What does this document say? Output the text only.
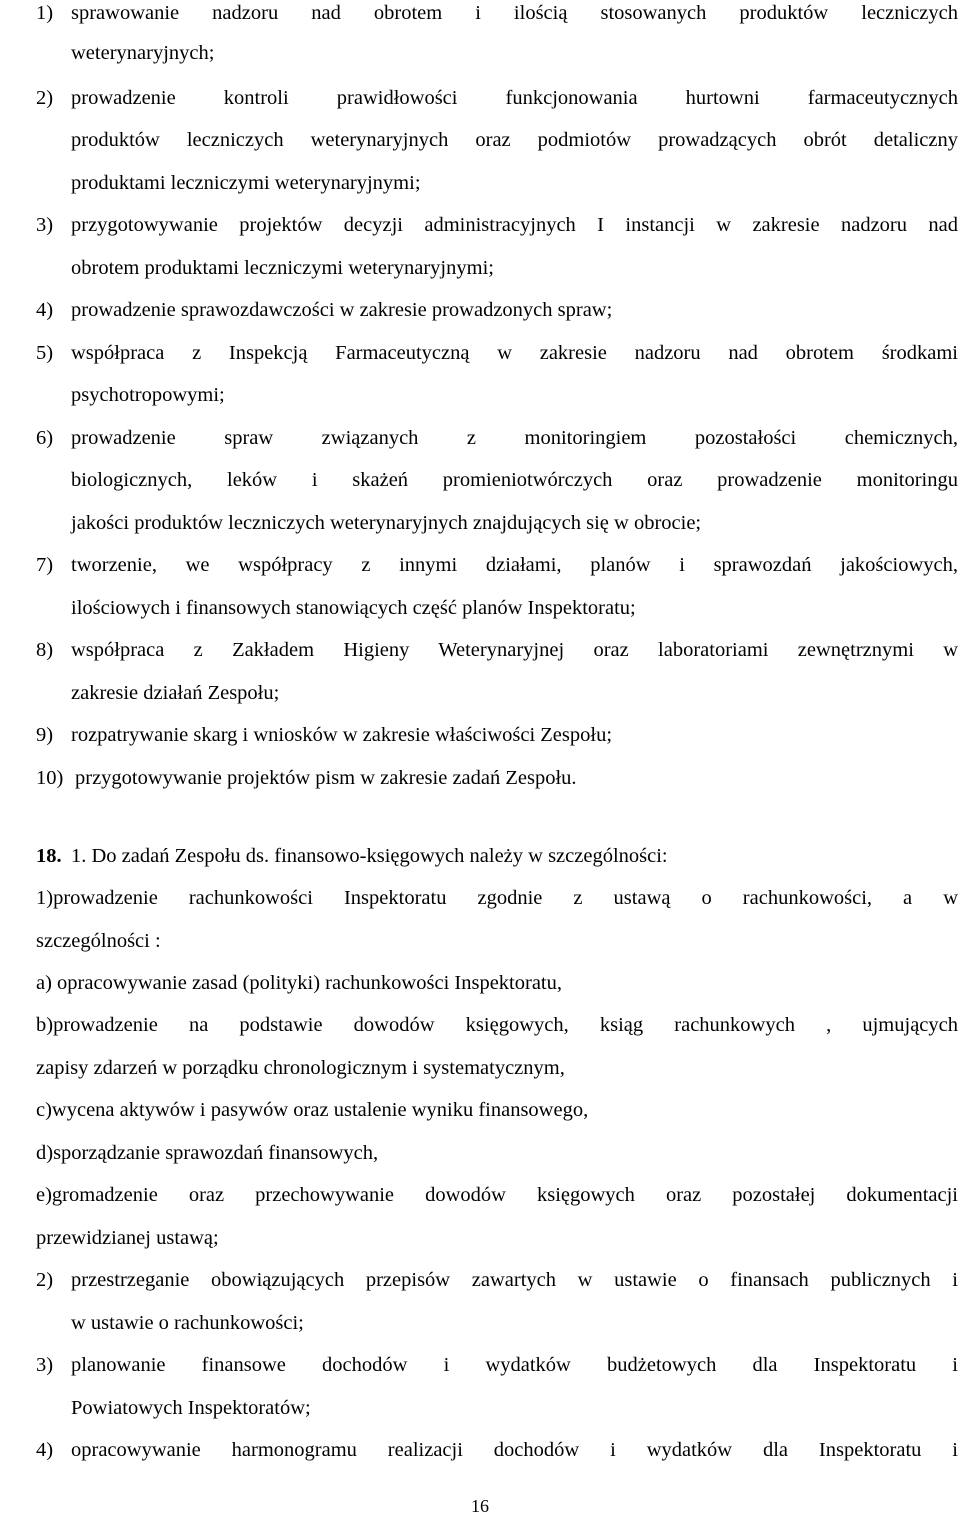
1) sprawowanie nadzoru nad obrotem i ilością stosowanych produktów leczniczych
weterynaryjnych;
2) prowadzenie kontroli prawidłowości funkcjonowania hurtowni farmaceutycznych
produktów leczniczych weterynaryjnych oraz podmiotów prowadzących obrót detaliczny
produktami leczniczymi weterynaryjnymi;
3) przygotowywanie projektów decyzji administracyjnych I instancji w zakresie nadzoru nad
obrotem produktami leczniczymi weterynaryjnymi;
4) prowadzenie sprawozdawczości w zakresie prowadzonych spraw;
5) współpraca z Inspekcją Farmaceutyczną w zakresie nadzoru nad obrotem środkami
psychotropowymi;
6) prowadzenie spraw związanych z monitoringiem pozostałości chemicznych,
biologicznych, leków i skażeń promieniotwórczych oraz prowadzenie monitoringu
jakości produktów leczniczych weterynaryjnych znajdujących się w obrocie;
7) tworzenie, we współpracy z innymi działami, planów i sprawozdań jakościowych,
ilościowych i finansowych stanowiących część planów Inspektoratu;
8) współpraca z Zakładem Higieny Weterynaryjnej oraz laboratoriami zewnętrznymi w
zakresie działań Zespołu;
9) rozpatrywanie skarg i wniosków w zakresie właściwości Zespołu;
10) przygotowywanie projektów pism w zakresie zadań Zespołu.
18. 1. Do zadań Zespołu ds. finansowo-księgowych należy w szczególności:
1)prowadzenie rachunkowości Inspektoratu zgodnie z ustawą o rachunkowości, a w
szczególności :
a) opracowywanie zasad (polityki) rachunkowości Inspektoratu,
b)prowadzenie na podstawie dowodów księgowych, ksiąg rachunkowych , ujmujących
zapisy zdarzeń w porządku chronologicznym i systematycznym,
c)wycena aktywów i pasywów oraz ustalenie wyniku finansowego,
d)sporządzanie sprawozdań finansowych,
e)gromadzenie oraz przechowywanie dowodów księgowych oraz pozostałej dokumentacji
przewidzianej ustawą;
2) przestrzeganie obowiązujących przepisów zawartych w ustawie o finansach publicznych i
w ustawie o rachunkowości;
3) planowanie finansowe dochodów i wydatków budżetowych dla Inspektoratu i
Powiatowych Inspektoratów;
4) opracowywanie harmonogramu realizacji dochodów i wydatków dla Inspektoratu i
16
